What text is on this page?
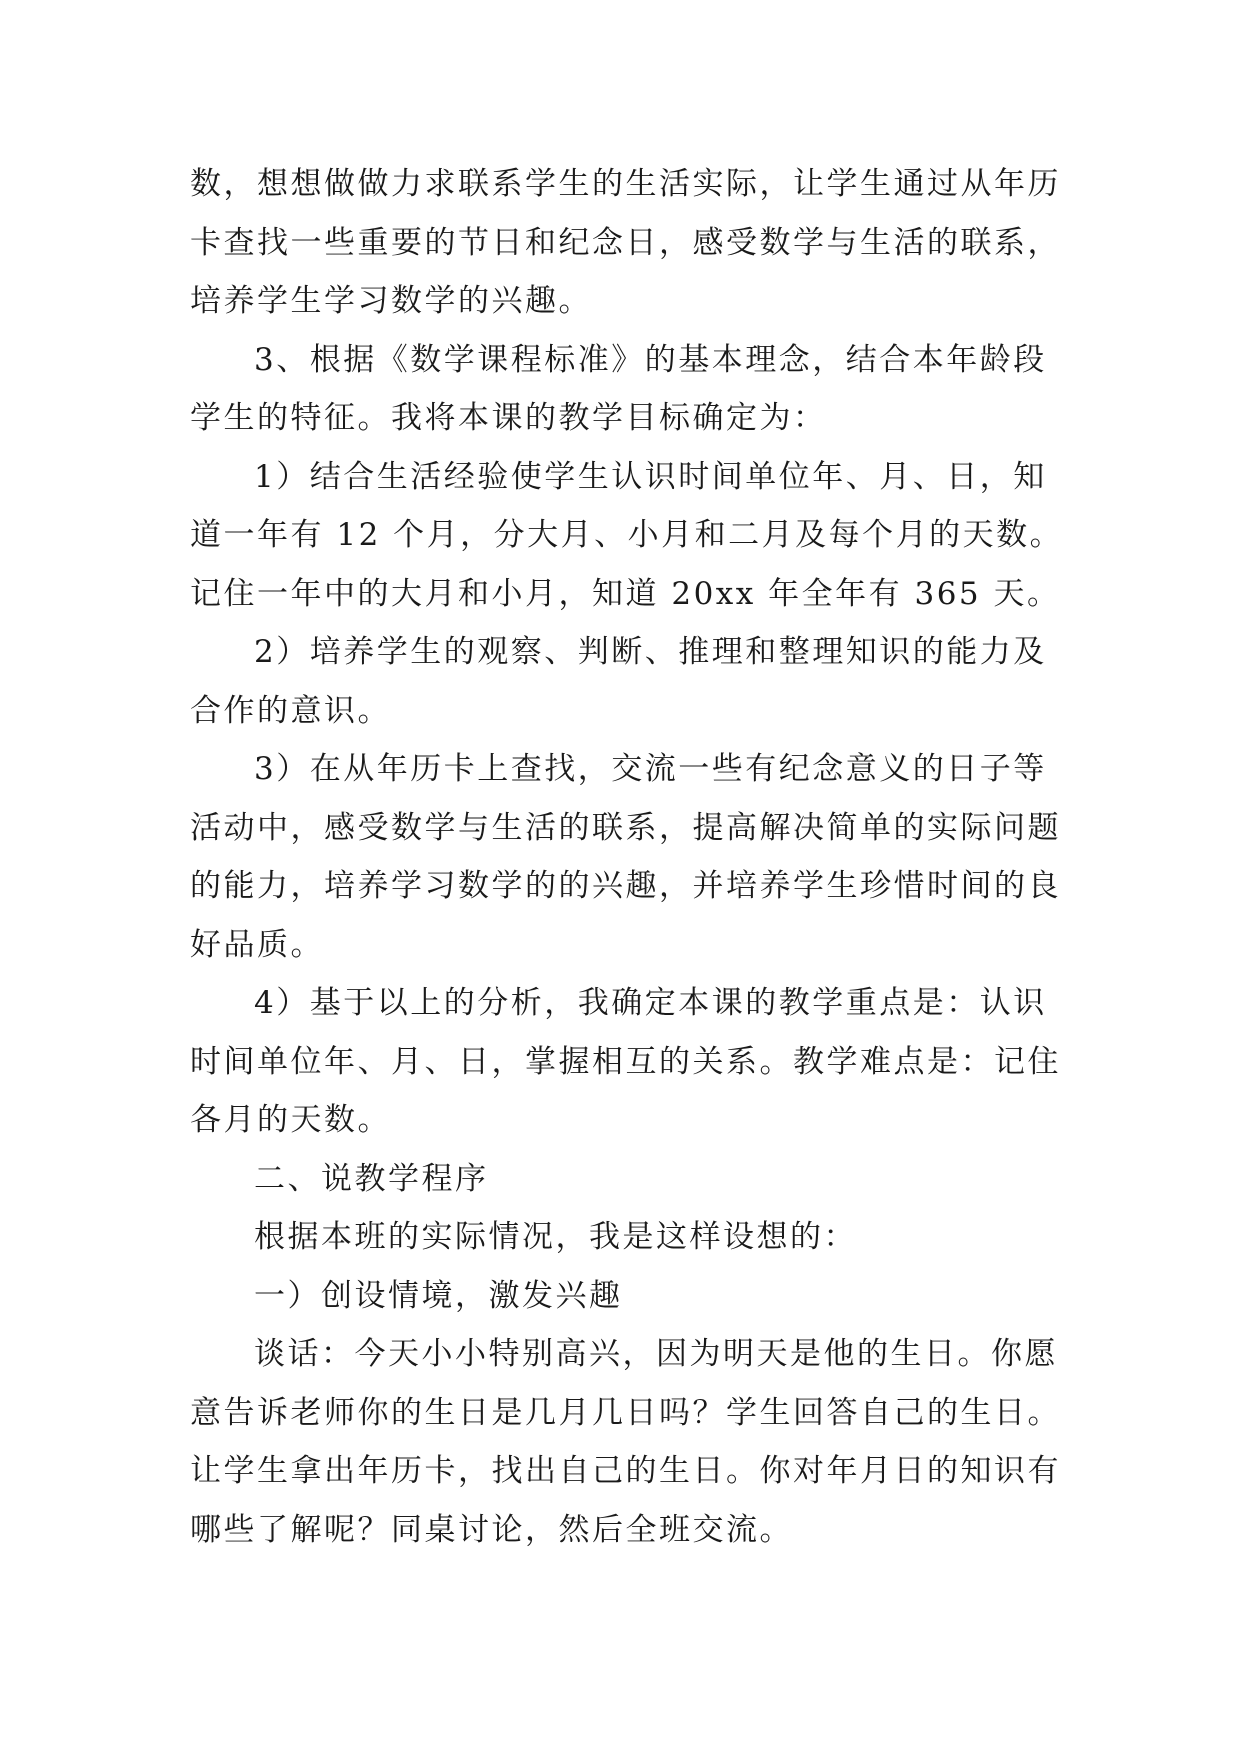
数，想想做做力求联系学生的生活实际，让学生通过从年历
卡查找一些重要的节日和纪念日，感受数学与生活的联系，
培养学生学习数学的兴趣。
3、根据《数学课程标准》的基本理念，结合本年龄段
学生的特征。我将本课的教学目标确定为：
1）结合生活经验使学生认识时间单位年、月、日，知
道一年有 12 个月，分大月、小月和二月及每个月的天数。
记住一年中的大月和小月，知道 20xx 年全年有 365 天。
2）培养学生的观察、判断、推理和整理知识的能力及
合作的意识。
3）在从年历卡上查找，交流一些有纪念意义的日子等
活动中，感受数学与生活的联系，提高解决简单的实际问题
的能力，培养学习数学的的兴趣，并培养学生珍惜时间的良
好品质。
4）基于以上的分析，我确定本课的教学重点是：认识
时间单位年、月、日，掌握相互的关系。教学难点是：记住
各月的天数。
二、说教学程序
根据本班的实际情况，我是这样设想的：
一）创设情境，激发兴趣
谈话：今天小小特别高兴，因为明天是他的生日。你愿
意告诉老师你的生日是几月几日吗？学生回答自己的生日。
让学生拿出年历卡，找出自己的生日。你对年月日的知识有
哪些了解呢？同桌讨论，然后全班交流。
